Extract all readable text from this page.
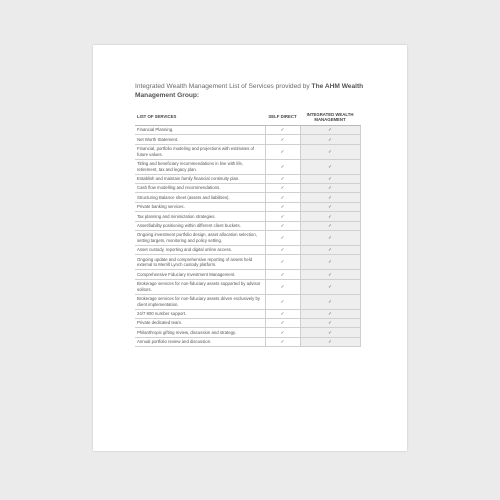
Integrated Wealth Management List of Services provided by The AHM Wealth Management Group:
LIST OF SERVICES	SELF DIRECT	INTEGRATED WEALTH MANAGEMENT
Financial Planning.	✓	✓
Net Worth Statement.	✓	✓
Financial, portfolio modeling and projections with estimates of future values.	✓	✓
Titling and beneficiary recommendations in line with life, retirement, tax and legacy plan.	✓	✓
Establish and maintain family financial continuity plan.	✓	✓
Cash flow modelling and recommendations.	✓	✓
Structuring Balance sheet (assets and liabilities).	✓	✓
Private banking services.	✓	✓
Tax planning and minimization strategies.	✓	✓
Asset/liability positioning within different client buckets.	✓	✓
Ongoing investment portfolio design, asset allocation selection, setting targets, monitoring and policy setting.	✓	✓
Asset custody, reporting and digital online access.	✓	✓
Ongoing update and comprehensive reporting of assets held external to Merrill Lynch custody platform.	✓	✓
Comprehensive Fiduciary Investment Management.	✓	✓
Brokerage services for non-fiduciary assets supported by advisor solitors.	✓	✓
Brokerage services for non-fiduciary assets driven exclusively by client implementation.	✓	✓
24/7 800 number support.	✓	✓
Private dedicated team.	✓	✓
Philanthropic gifting review, discussion and strategy.	✓	✓
Annual portfolio review and discussion.	✓	✓
